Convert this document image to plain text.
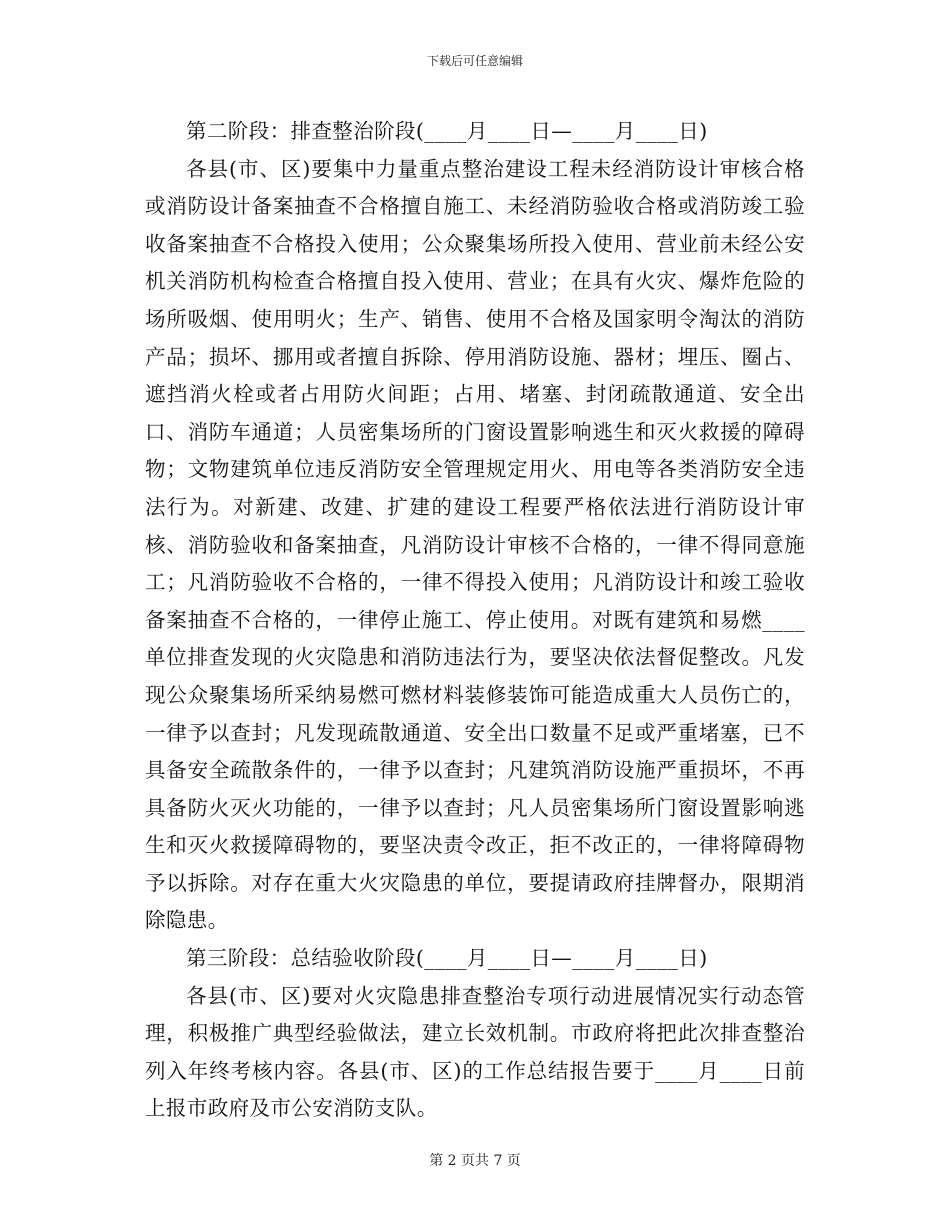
下载后可任意编辑

第二阶段：排查整治阶段(____月____日—____月____日)

各县(市、区)要集中力量重点整治建设工程未经消防设计审核合格或消防设计备案抽查不合格擅自施工、未经消防验收合格或消防竣工验收备案抽查不合格投入使用；公众聚集场所投入使用、营业前未经公安机关消防机构检查合格擅自投入使用、营业；在具有火灾、爆炸危险的场所吸烟、使用明火；生产、销售、使用不合格及国家明令淘汰的消防产品；损坏、挪用或者擅自拆除、停用消防设施、器材；埋压、圈占、遮挡消火栓或者占用防火间距；占用、堵塞、封闭疏散通道、安全出口、消防车通道；人员密集场所的门窗设置影响逃生和灭火救援的障碍物；文物建筑单位违反消防安全管理规定用火、用电等各类消防安全违法行为。对新建、改建、扩建的建设工程要严格依法进行消防设计审核、消防验收和备案抽查，凡消防设计审核不合格的，一律不得同意施工；凡消防验收不合格的，一律不得投入使用；凡消防设计和竣工验收备案抽查不合格的，一律停止施工、停止使用。对既有建筑和易燃____单位排查发现的火灾隐患和消防违法行为，要坚决依法督促整改。凡发现公众聚集场所采纳易燃可燃材料装修装饰可能造成重大人员伤亡的，一律予以查封；凡发现疏散通道、安全出口数量不足或严重堵塞，已不具备安全疏散条件的，一律予以查封；凡建筑消防设施严重损坏，不再具备防火灭火功能的，一律予以查封；凡人员密集场所门窗设置影响逃生和灭火救援障碍物的，要坚决责令改正，拒不改正的，一律将障碍物予以拆除。对存在重大火灾隐患的单位，要提请政府挂牌督办，限期消除隐患。

第三阶段：总结验收阶段(____月____日—____月____日)

各县(市、区)要对火灾隐患排查整治专项行动进展情况实行动态管理，积极推广典型经验做法，建立长效机制。市政府将把此次排查整治列入年终考核内容。各县(市、区)的工作总结报告要于____月____日前上报市政府及市公安消防支队。

第 2 页共 7 页
